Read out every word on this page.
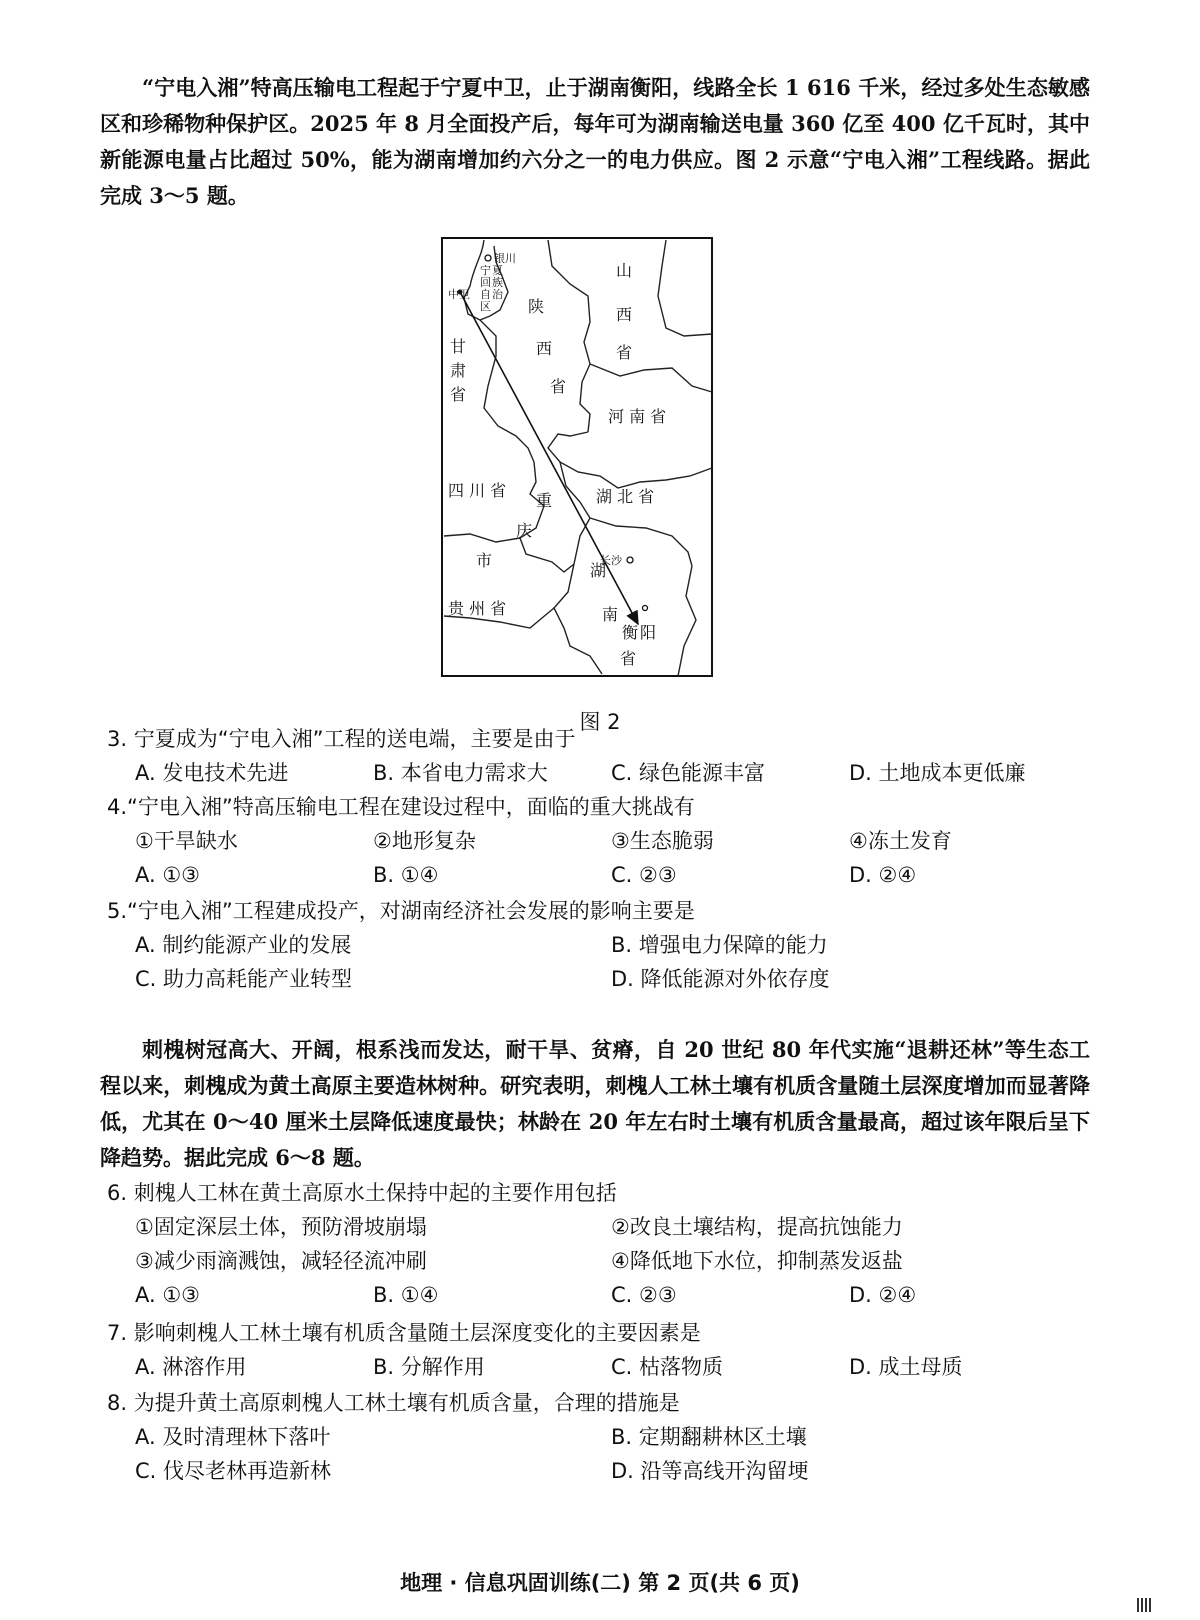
“宁电入湘”特高压输电工程起于宁夏中卫，止于湖南衡阳，线路全长 1 616 千米，经过多处生态敏感区和珍稀物种保护区。2025 年 8 月全面投产后，每年可为湖南输送电量 360 亿至 400 亿千瓦时，其中新能源电量占比超过 50%，能为湖南增加约六分之一的电力供应。图 2 示意“宁电入湘”工程线路。据此完成 3～5 题。

银川
宁 夏
回 族
自 治
区
中卫
甘
肃
省
陕
西
省
山
西
省
河 南 省
四 川 省
重
庆
市
湖 北 省
湖
南
省
长沙
衡 阳
贵 州 省
图 2
3. 宁夏成为“宁电入湘”工程的送电端，主要是由于
A. 发电技术先进	B. 本省电力需求大	C. 绿色能源丰富	D. 土地成本更低廉
4.“宁电入湘”特高压输电工程在建设过程中，面临的重大挑战有
①干旱缺水	②地形复杂	③生态脆弱	④冻土发育
A. ①③	B. ①④	C. ②③	D. ②④
5.“宁电入湘”工程建成投产，对湖南经济社会发展的影响主要是
A. 制约能源产业的发展	B. 增强电力保障的能力
C. 助力高耗能产业转型	D. 降低能源对外依存度

刺槐树冠高大、开阔，根系浅而发达，耐干旱、贫瘠，自 20 世纪 80 年代实施“退耕还林”等生态工程以来，刺槐成为黄土高原主要造林树种。研究表明，刺槐人工林土壤有机质含量随土层深度增加而显著降低，尤其在 0～40 厘米土层降低速度最快；林龄在 20 年左右时土壤有机质含量最高，超过该年限后呈下降趋势。据此完成 6～8 题。

6. 刺槐人工林在黄土高原水土保持中起的主要作用包括
①固定深层土体，预防滑坡崩塌	②改良土壤结构，提高抗蚀能力
③减少雨滴溅蚀，减轻径流冲刷	④降低地下水位，抑制蒸发返盐
A. ①③	B. ①④	C. ②③	D. ②④
7. 影响刺槐人工林土壤有机质含量随土层深度变化的主要因素是
A. 淋溶作用	B. 分解作用	C. 枯落物质	D. 成土母质
8. 为提升黄土高原刺槐人工林土壤有机质含量，合理的措施是
A. 及时清理林下落叶	B. 定期翻耕林区土壤
C. 伐尽老林再造新林	D. 沿等高线开沟留埂
地理 · 信息巩固训练(二) 第 2 页(共 6 页)
